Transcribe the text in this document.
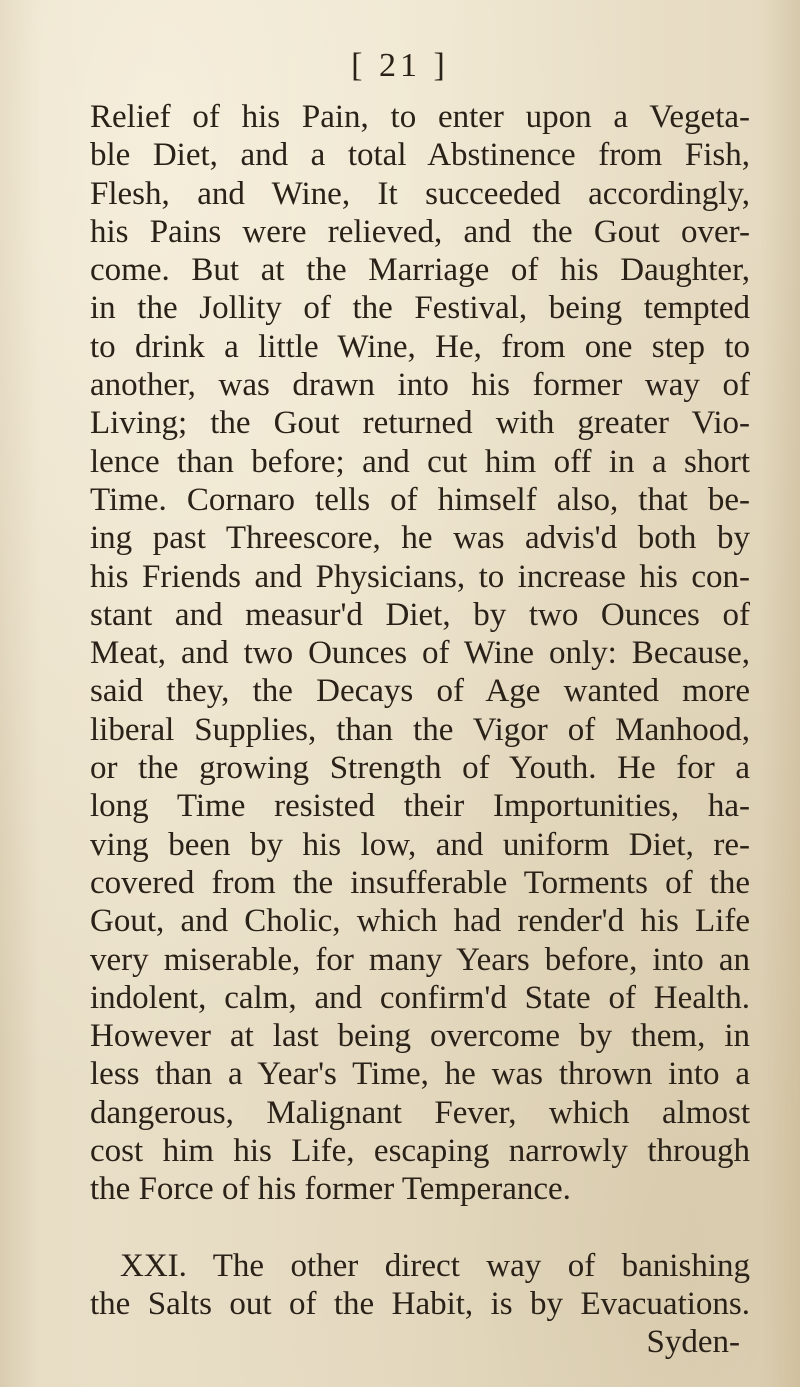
[ 21 ]
Relief of his Pain, to enter upon a Vegeta-
ble Diet, and a total Abstinence from Fish,
Flesh, and Wine, It succeeded accordingly,
his Pains were relieved, and the Gout over-
come. But at the Marriage of his Daughter,
in the Jollity of the Festival, being tempted
to drink a little Wine, He, from one step to
another, was drawn into his former way of
Living; the Gout returned with greater Vio-
lence than before; and cut him off in a short
Time. Cornaro tells of himself also, that be-
ing past Threescore, he was advis'd both by
his Friends and Physicians, to increase his con-
stant and measur'd Diet, by two Ounces of
Meat, and two Ounces of Wine only: Because,
said they, the Decays of Age wanted more
liberal Supplies, than the Vigor of Manhood,
or the growing Strength of Youth. He for a
long Time resisted their Importunities, ha-
ving been by his low, and uniform Diet, re-
covered from the insufferable Torments of the
Gout, and Cholic, which had render'd his Life
very miserable, for many Years before, into an
indolent, calm, and confirm'd State of Health.
However at last being overcome by them, in
less than a Year's Time, he was thrown into a
dangerous, Malignant Fever, which almost
cost him his Life, escaping narrowly through
the Force of his former Temperance.
XXI. The other direct way of banishing
the Salts out of the Habit, is by Evacuations.
Syden-
